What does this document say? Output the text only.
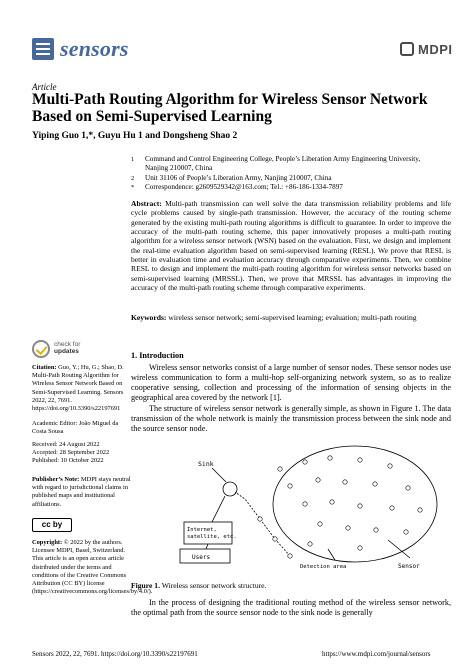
sensors	MDPI
Article
Multi-Path Routing Algorithm for Wireless Sensor Network Based on Semi-Supervised Learning
Yiping Guo 1,*, Guyu Hu 1 and Dongsheng Shao 2
1 Command and Control Engineering College, People’s Liberation Army Engineering University, Nanjing 210007, China
2 Unit 31106 of People’s Liberation Army, Nanjing 210007, China
* Correspondence: g2609529342@163.com; Tel.: +86-186-1334-7897
Abstract: Multi-path transmission can well solve the data transmission reliability problems and life cycle problems caused by single-path transmission. However, the accuracy of the routing scheme generated by the existing multi-path routing algorithms is difficult to guarantee. In order to improve the accuracy of the multi-path routing scheme, this paper innovatively proposes a multi-path routing algorithm for a wireless sensor network (WSN) based on the evaluation. First, we design and implement the real-time evaluation algorithm based on semi-supervised learning (RESL). We prove that RESL is better in evaluation time and evaluation accuracy through comparative experiments. Then, we combine RESL to design and implement the multi-path routing algorithm for wireless sensor networks based on semi-supervised learning (MRSSL). Then, we prove that MRSSL has advantages in improving the accuracy of the multi-path routing scheme through comparative experiments.
Keywords: wireless sensor network; semi-supervised learning; evaluation; multi-path routing
check for
updates
Citation: Guo, Y.; Hu, G.; Shao, D. Multi-Path Routing Algorithm for Wireless Sensor Network Based on Semi-Supervised Learning. Sensors 2022, 22, 7691. https://doi.org/10.3390/s22197691
Academic Editor: João Miguel da Costa Sousa
Received: 24 August 2022
Accepted: 28 September 2022
Published: 10 October 2022
Publisher’s Note: MDPI stays neutral with regard to jurisdictional claims in published maps and institutional affiliations.
cc by
Copyright: © 2022 by the authors. Licensee MDPI, Basel, Switzerland. This article is an open access article distributed under the terms and conditions of the Creative Commons Attribution (CC BY) license (https://creativecommons.org/licenses/by/4.0/).
1. Introduction
Wireless sensor networks consist of a large number of sensor nodes. These sensor nodes use wireless communication to form a multi-hop self-organizing network system, so as to realize cooperative sensing, collection and processing of the information of sensing objects in the geographical area covered by the network [1].
The structure of wireless sensor network is generally simple, as shown in Figure 1. The data transmission of the whole network is mainly the transmission process between the sink node and the source sensor node.
Sink
Internet, satellite, etc.
Users
Detection area	Sensor
Figure 1. Wireless sensor network structure.
In the process of designing the traditional routing method of the wireless sensor network, the optimal path from the source sensor node to the sink node is generally
Sensors 2022, 22, 7691. https://doi.org/10.3390/s22197691	https://www.mdpi.com/journal/sensors
